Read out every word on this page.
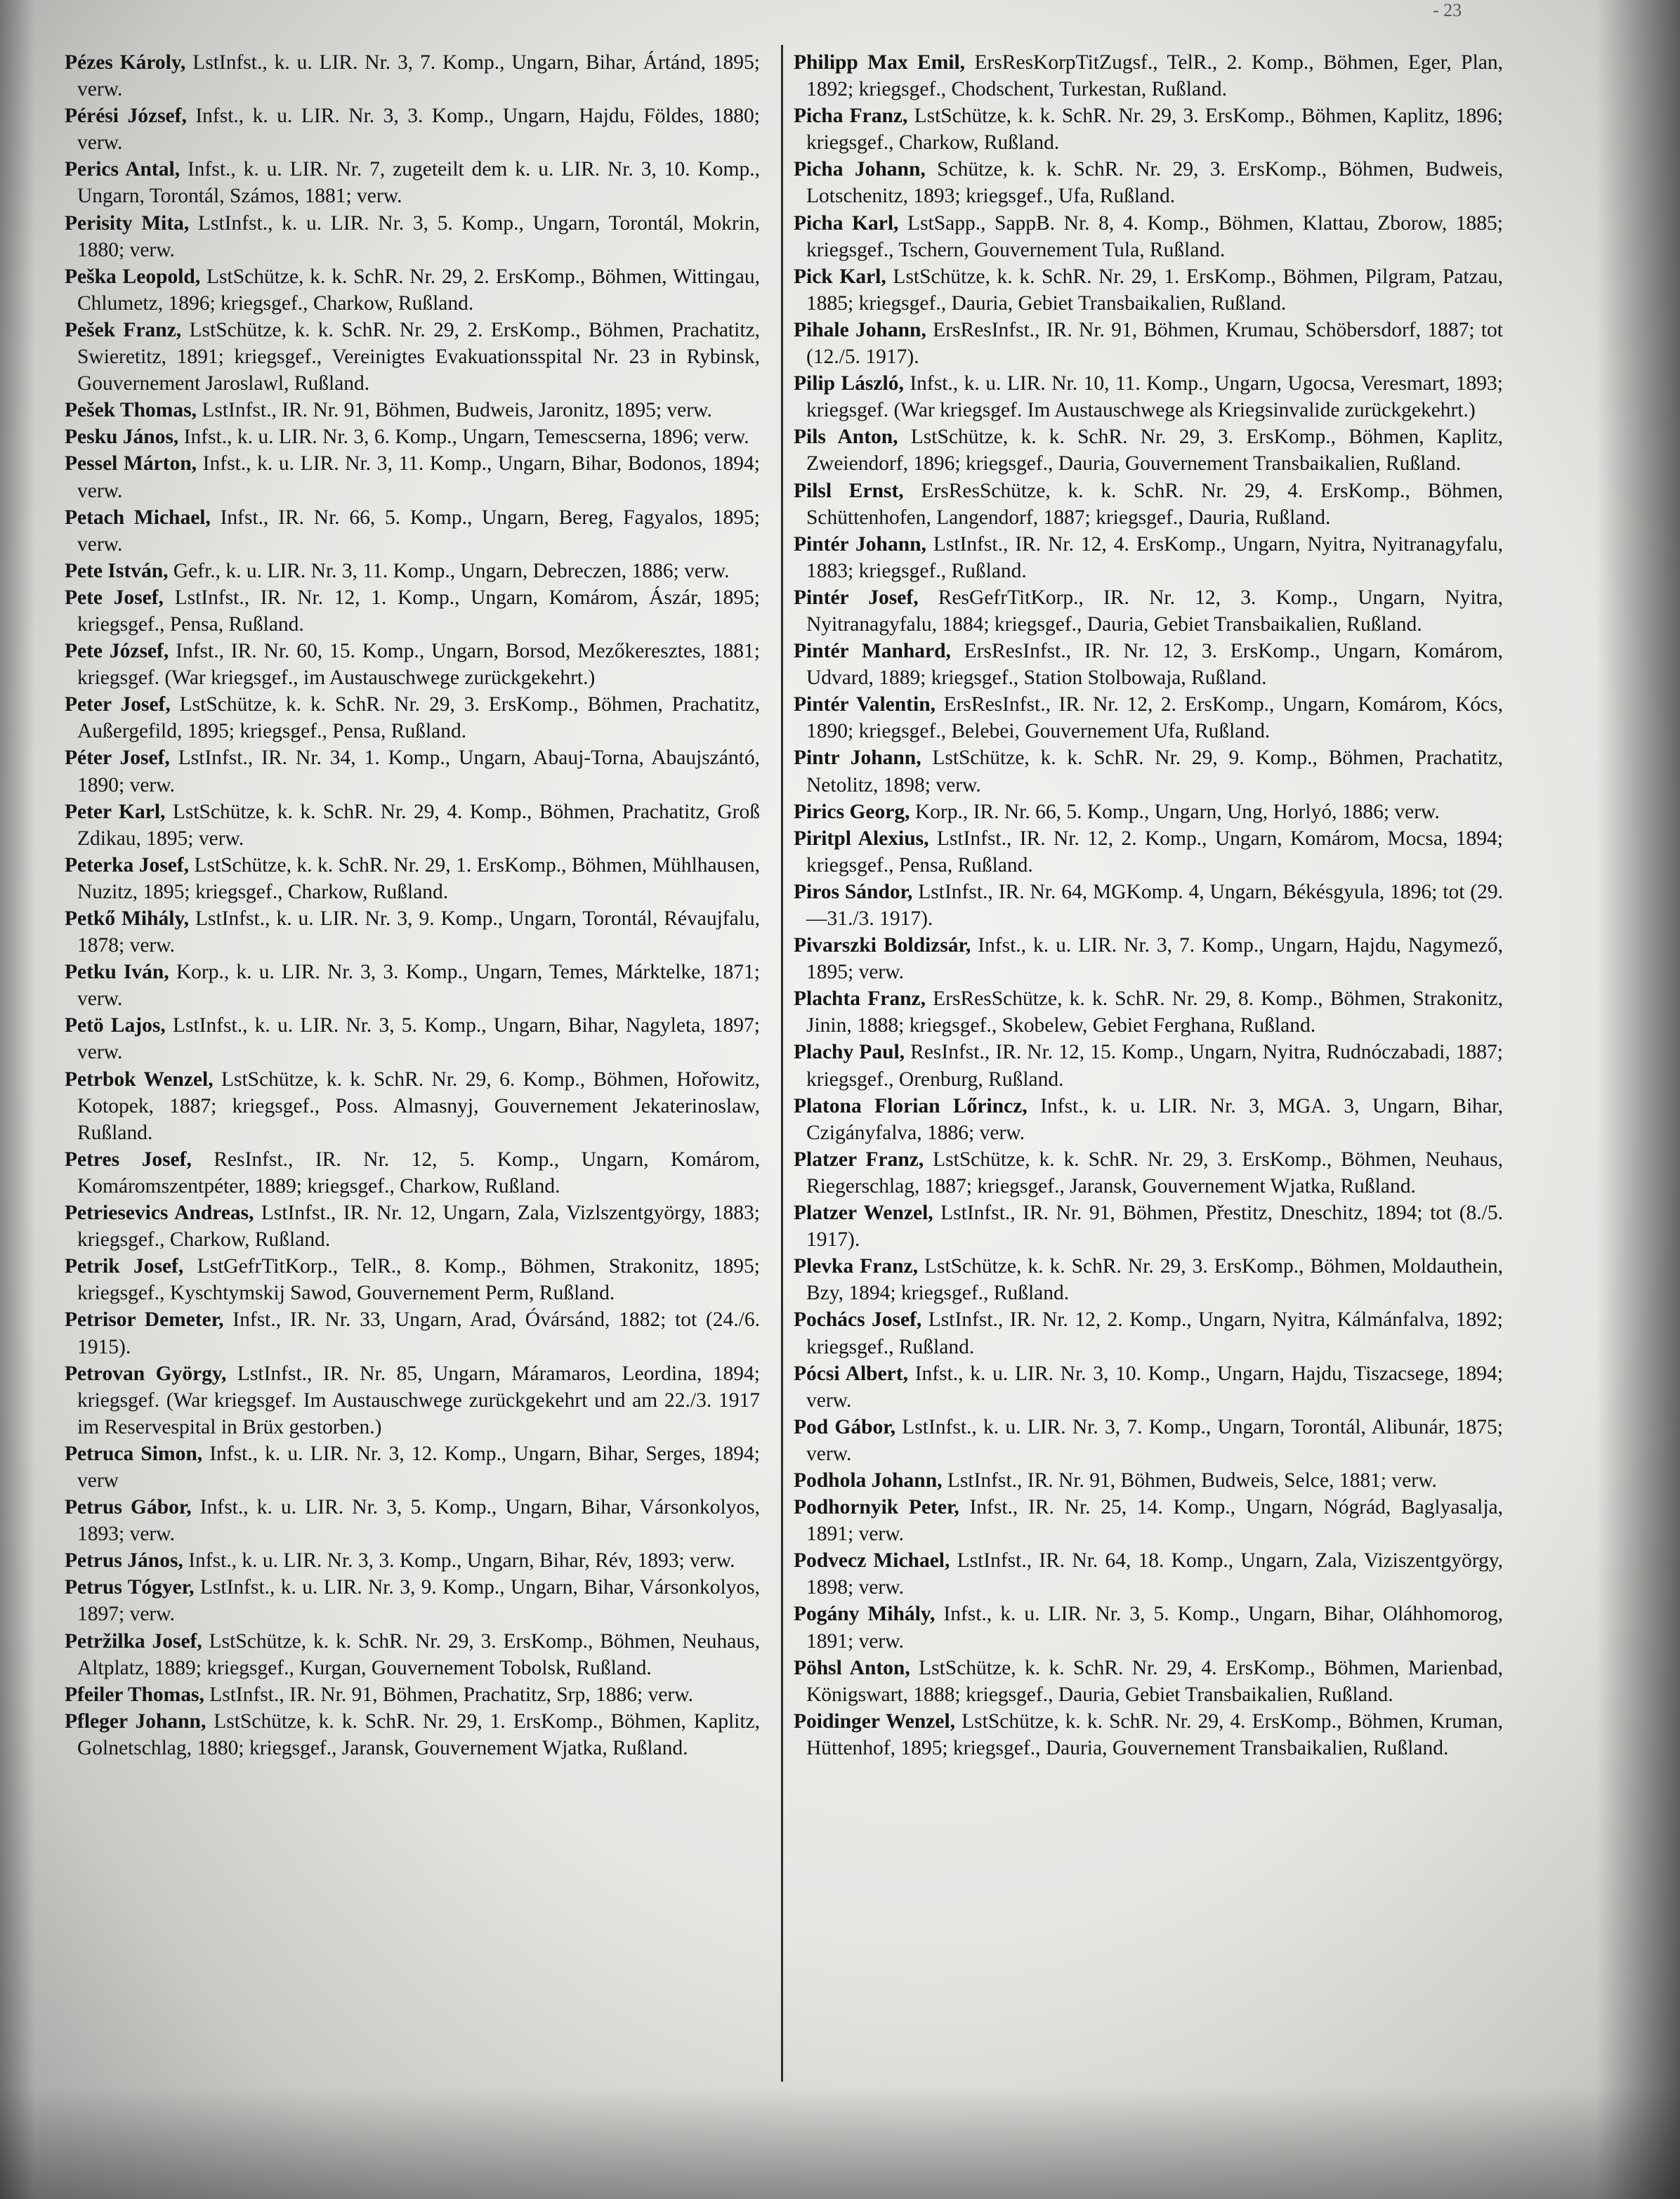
- 23
Pézes Károly, LstInfst., k. u. LIR. Nr. 3, 7. Komp., Ungarn, Bihar, Ártánd, 1895; verw.
Pérési József, Infst., k. u. LIR. Nr. 3, 3. Komp., Ungarn, Hajdu, Földes, 1880; verw.
Perics Antal, Infst., k. u. LIR. Nr. 7, zugeteilt dem k. u. LIR. Nr. 3, 10. Komp., Ungarn, Torontál, Számos, 1881; verw.
Perisity Mita, LstInfst., k. u. LIR. Nr. 3, 5. Komp., Ungarn, Torontál, Mokrin, 1880; verw.
Peška Leopold, LstSchütze, k. k. SchR. Nr. 29, 2. ErsKomp., Böhmen, Wittingau, Chlumetz, 1896; kriegsgef., Charkow, Rußland.
Pešek Franz, LstSchütze, k. k. SchR. Nr. 29, 2. ErsKomp., Böhmen, Prachatitz, Swieretitz, 1891; kriegsgef., Vereinigtes Evakuationsspital Nr. 23 in Rybinsk, Gouvernement Jaroslawl, Rußland.
Pešek Thomas, LstInfst., IR. Nr. 91, Böhmen, Budweis, Jaronitz, 1895; verw.
Pesku János, Infst., k. u. LIR. Nr. 3, 6. Komp., Ungarn, Temescserna, 1896; verw.
Pessel Márton, Infst., k. u. LIR. Nr. 3, 11. Komp., Ungarn, Bihar, Bodonos, 1894; verw.
Petach Michael, Infst., IR. Nr. 66, 5. Komp., Ungarn, Bereg, Fagyalos, 1895; verw.
Pete István, Gefr., k. u. LIR. Nr. 3, 11. Komp., Ungarn, Debreczen, 1886; verw.
Pete Josef, LstInfst., IR. Nr. 12, 1. Komp., Ungarn, Komárom, Ászár, 1895; kriegsgef., Pensa, Rußland.
Pete József, Infst., IR. Nr. 60, 15. Komp., Ungarn, Borsod, Mezőkeresztes, 1881; kriegsgef. (War kriegsgef., im Austauschwege zurückgekehrt.)
Peter Josef, LstSchütze, k. k. SchR. Nr. 29, 3. ErsKomp., Böhmen, Prachatitz, Außergefild, 1895; kriegsgef., Pensa, Rußland.
Péter Josef, LstInfst., IR. Nr. 34, 1. Komp., Ungarn, Abauj-Torna, Abaujszántó, 1890; verw.
Peter Karl, LstSchütze, k. k. SchR. Nr. 29, 4. Komp., Böhmen, Prachatitz, Groß Zdikau, 1895; verw.
Peterka Josef, LstSchütze, k. k. SchR. Nr. 29, 1. ErsKomp., Böhmen, Mühlhausen, Nuzitz, 1895; kriegsgef., Charkow, Rußland.
Petkő Mihály, LstInfst., k. u. LIR. Nr. 3, 9. Komp., Ungarn, Torontál, Révaujfalu, 1878; verw.
Petku Iván, Korp., k. u. LIR. Nr. 3, 3. Komp., Ungarn, Temes, Márktelke, 1871; verw.
Petö Lajos, LstInfst., k. u. LIR. Nr. 3, 5. Komp., Ungarn, Bihar, Nagyleta, 1897; verw.
Petrbok Wenzel, LstSchütze, k. k. SchR. Nr. 29, 6. Komp., Böhmen, Hořowitz, Kotopek, 1887; kriegsgef., Poss. Almasnyj, Gouvernement Jekaterinoslaw, Rußland.
Petres Josef, ResInfst., IR. Nr. 12, 5. Komp., Ungarn, Komárom, Komáromszentpéter, 1889; kriegsgef., Charkow, Rußland.
Petriesevics Andreas, LstInfst., IR. Nr. 12, Ungarn, Zala, Vizlszentgyörgy, 1883; kriegsgef., Charkow, Rußland.
Petrik Josef, LstGefrTitKorp., TelR., 8. Komp., Böhmen, Strakonitz, 1895; kriegsgef., Kyschtymskij Sawod, Gouvernement Perm, Rußland.
Petrisor Demeter, Infst., IR. Nr. 33, Ungarn, Arad, Óvársánd, 1882; tot (24./6. 1915).
Petrovan György, LstInfst., IR. Nr. 85, Ungarn, Máramaros, Leordina, 1894; kriegsgef. (War kriegsgef. Im Austauschwege zurückgekehrt und am 22./3. 1917 im Reservespital in Brüx gestorben.)
Petruca Simon, Infst., k. u. LIR. Nr. 3, 12. Komp., Ungarn, Bihar, Serges, 1894; verw
Petrus Gábor, Infst., k. u. LIR. Nr. 3, 5. Komp., Ungarn, Bihar, Vársonkolyos, 1893; verw.
Petrus János, Infst., k. u. LIR. Nr. 3, 3. Komp., Ungarn, Bihar, Rév, 1893; verw.
Petrus Tógyer, LstInfst., k. u. LIR. Nr. 3, 9. Komp., Ungarn, Bihar, Vársonkolyos, 1897; verw.
Petržilka Josef, LstSchütze, k. k. SchR. Nr. 29, 3. ErsKomp., Böhmen, Neuhaus, Altplatz, 1889; kriegsgef., Kurgan, Gouvernement Tobolsk, Rußland.
Pfeiler Thomas, LstInfst., IR. Nr. 91, Böhmen, Prachatitz, Srp, 1886; verw.
Pfleger Johann, LstSchütze, k. k. SchR. Nr. 29, 1. ErsKomp., Böhmen, Kaplitz, Golnetschlag, 1880; kriegsgef., Jaransk, Gouvernement Wjatka, Rußland.
Philipp Max Emil, ErsResKorpTitZugsf., TelR., 2. Komp., Böhmen, Eger, Plan, 1892; kriegsgef., Chodschent, Turkestan, Rußland.
Picha Franz, LstSchütze, k. k. SchR. Nr. 29, 3. ErsKomp., Böhmen, Kaplitz, 1896; kriegsgef., Charkow, Rußland.
Picha Johann, Schütze, k. k. SchR. Nr. 29, 3. ErsKomp., Böhmen, Budweis, Lotschenitz, 1893; kriegsgef., Ufa, Rußland.
Picha Karl, LstSapp., SappB. Nr. 8, 4. Komp., Böhmen, Klattau, Zborow, 1885; kriegsgef., Tschern, Gouvernement Tula, Rußland.
Pick Karl, LstSchütze, k. k. SchR. Nr. 29, 1. ErsKomp., Böhmen, Pilgram, Patzau, 1885; kriegsgef., Dauria, Gebiet Transbaikalien, Rußland.
Pihale Johann, ErsResInfst., IR. Nr. 91, Böhmen, Krumau, Schöbersdorf, 1887; tot (12./5. 1917).
Pilip László, Infst., k. u. LIR. Nr. 10, 11. Komp., Ungarn, Ugocsa, Veresmart, 1893; kriegsgef. (War kriegsgef. Im Austauschwege als Kriegsinvalide zurückgekehrt.)
Pils Anton, LstSchütze, k. k. SchR. Nr. 29, 3. ErsKomp., Böhmen, Kaplitz, Zweiendorf, 1896; kriegsgef., Dauria, Gouvernement Transbaikalien, Rußland.
Pilsl Ernst, ErsResSchütze, k. k. SchR. Nr. 29, 4. ErsKomp., Böhmen, Schüttenhofen, Langendorf, 1887; kriegsgef., Dauria, Rußland.
Pintér Johann, LstInfst., IR. Nr. 12, 4. ErsKomp., Ungarn, Nyitra, Nyitranagyfalu, 1883; kriegsgef., Rußland.
Pintér Josef, ResGefrTitKorp., IR. Nr. 12, 3. Komp., Ungarn, Nyitra, Nyitranagyfalu, 1884; kriegsgef., Dauria, Gebiet Transbaikalien, Rußland.
Pintér Manhard, ErsResInfst., IR. Nr. 12, 3. ErsKomp., Ungarn, Komárom, Udvard, 1889; kriegsgef., Station Stolbowaja, Rußland.
Pintér Valentin, ErsResInfst., IR. Nr. 12, 2. ErsKomp., Ungarn, Komárom, Kócs, 1890; kriegsgef., Belebei, Gouvernement Ufa, Rußland.
Pintr Johann, LstSchütze, k. k. SchR. Nr. 29, 9. Komp., Böhmen, Prachatitz, Netolitz, 1898; verw.
Pirics Georg, Korp., IR. Nr. 66, 5. Komp., Ungarn, Ung, Horlyó, 1886; verw.
Piritpl Alexius, LstInfst., IR. Nr. 12, 2. Komp., Ungarn, Komárom, Mocsa, 1894; kriegsgef., Pensa, Rußland.
Piros Sándor, LstInfst., IR. Nr. 64, MGKomp. 4, Ungarn, Békésgyula, 1896; tot (29.—31./3. 1917).
Pivarszki Boldizsár, Infst., k. u. LIR. Nr. 3, 7. Komp., Ungarn, Hajdu, Nagymező, 1895; verw.
Plachta Franz, ErsResSchütze, k. k. SchR. Nr. 29, 8. Komp., Böhmen, Strakonitz, Jinin, 1888; kriegsgef., Skobelew, Gebiet Ferghana, Rußland.
Plachy Paul, ResInfst., IR. Nr. 12, 15. Komp., Ungarn, Nyitra, Rudnóczabadi, 1887; kriegsgef., Orenburg, Rußland.
Platona Florian Lőrincz, Infst., k. u. LIR. Nr. 3, MGA. 3, Ungarn, Bihar, Czigányfalva, 1886; verw.
Platzer Franz, LstSchütze, k. k. SchR. Nr. 29, 3. ErsKomp., Böhmen, Neuhaus, Riegerschlag, 1887; kriegsgef., Jaransk, Gouvernement Wjatka, Rußland.
Platzer Wenzel, LstInfst., IR. Nr. 91, Böhmen, Přestitz, Dneschitz, 1894; tot (8./5. 1917).
Plevka Franz, LstSchütze, k. k. SchR. Nr. 29, 3. ErsKomp., Böhmen, Moldauthein, Bzy, 1894; kriegsgef., Rußland.
Pochács Josef, LstInfst., IR. Nr. 12, 2. Komp., Ungarn, Nyitra, Kálmánfalva, 1892; kriegsgef., Rußland.
Pócsi Albert, Infst., k. u. LIR. Nr. 3, 10. Komp., Ungarn, Hajdu, Tiszacsege, 1894; verw.
Pod Gábor, LstInfst., k. u. LIR. Nr. 3, 7. Komp., Ungarn, Torontál, Alibunár, 1875; verw.
Podhola Johann, LstInfst., IR. Nr. 91, Böhmen, Budweis, Selce, 1881; verw.
Podhornyik Peter, Infst., IR. Nr. 25, 14. Komp., Ungarn, Nógrád, Baglyasalja, 1891; verw.
Podvecz Michael, LstInfst., IR. Nr. 64, 18. Komp., Ungarn, Zala, Viziszentgyörgy, 1898; verw.
Pogány Mihály, Infst., k. u. LIR. Nr. 3, 5. Komp., Ungarn, Bihar, Oláhhomorog, 1891; verw.
Pöhsl Anton, LstSchütze, k. k. SchR. Nr. 29, 4. ErsKomp., Böhmen, Marienbad, Königswart, 1888; kriegsgef., Dauria, Gebiet Transbaikalien, Rußland.
Poidinger Wenzel, LstSchütze, k. k. SchR. Nr. 29, 4. ErsKomp., Böhmen, Kruman, Hüttenhof, 1895; kriegsgef., Dauria, Gouvernement Transbaikalien, Rußland.
